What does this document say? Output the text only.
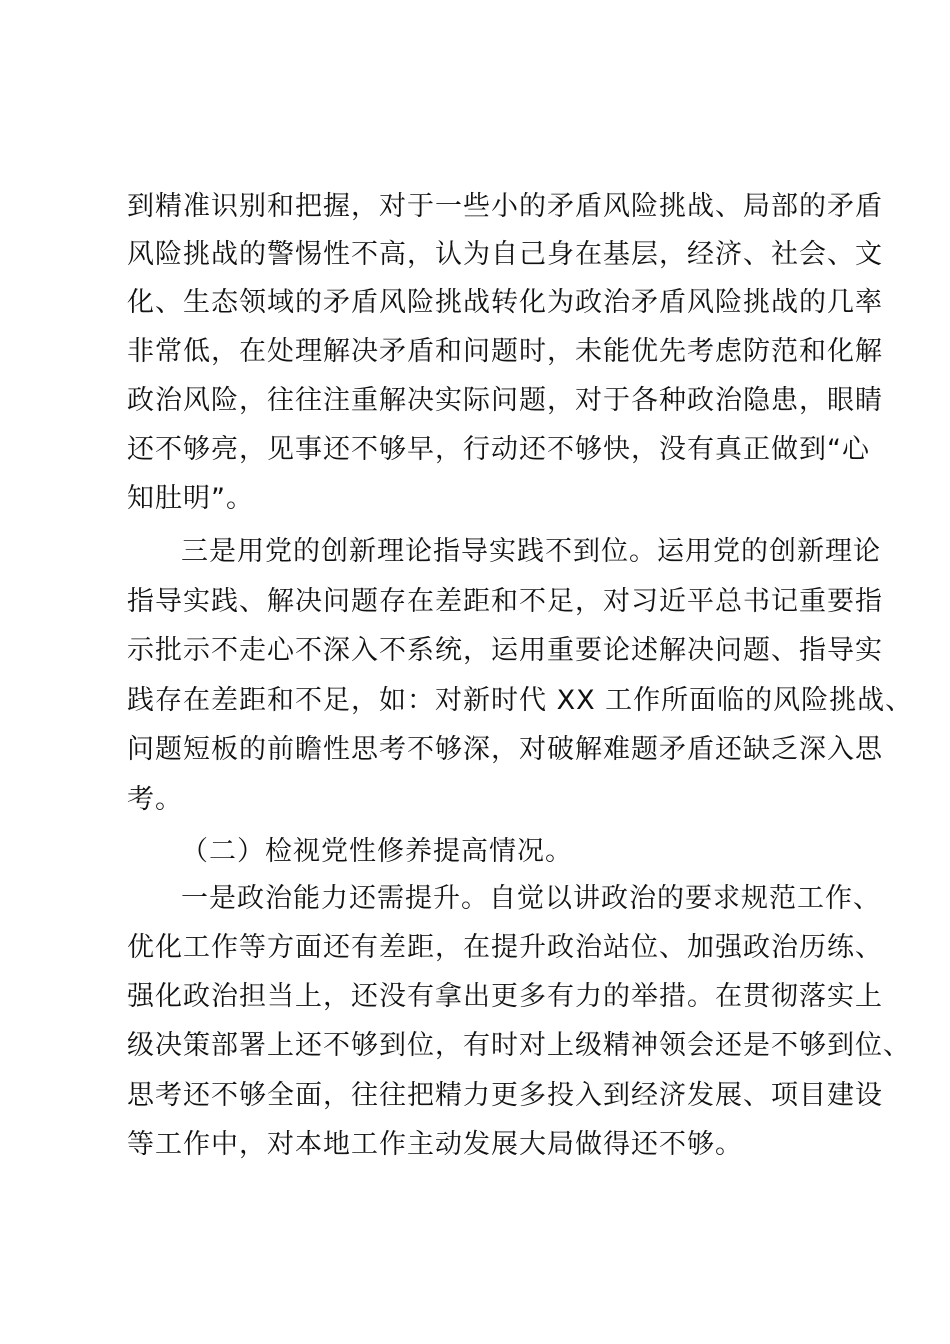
到精准识别和把握，对于一些小的矛盾风险挑战、局部的矛盾

风险挑战的警惕性不高，认为自己身在基层，经济、社会、文

化、生态领域的矛盾风险挑战转化为政治矛盾风险挑战的几率

非常低，在处理解决矛盾和问题时，未能优先考虑防范和化解

政治风险，往往注重解决实际问题，对于各种政治隐患，眼睛

还不够亮，见事还不够早，行动还不够快，没有真正做到“心

知肚明”。

三是用党的创新理论指导实践不到位。运用党的创新理论

指导实践、解决问题存在差距和不足，对习近平总书记重要指

示批示不走心不深入不系统，运用重要论述解决问题、指导实

践存在差距和不足，如：对新时代 XX 工作所面临的风险挑战、

问题短板的前瞻性思考不够深，对破解难题矛盾还缺乏深入思

考。

（二）检视党性修养提高情况。

一是政治能力还需提升。自觉以讲政治的要求规范工作、

优化工作等方面还有差距，在提升政治站位、加强政治历练、

强化政治担当上，还没有拿出更多有力的举措。在贯彻落实上

级决策部署上还不够到位，有时对上级精神领会还是不够到位、

思考还不够全面，往往把精力更多投入到经济发展、项目建设

等工作中，对本地工作主动发展大局做得还不够。
